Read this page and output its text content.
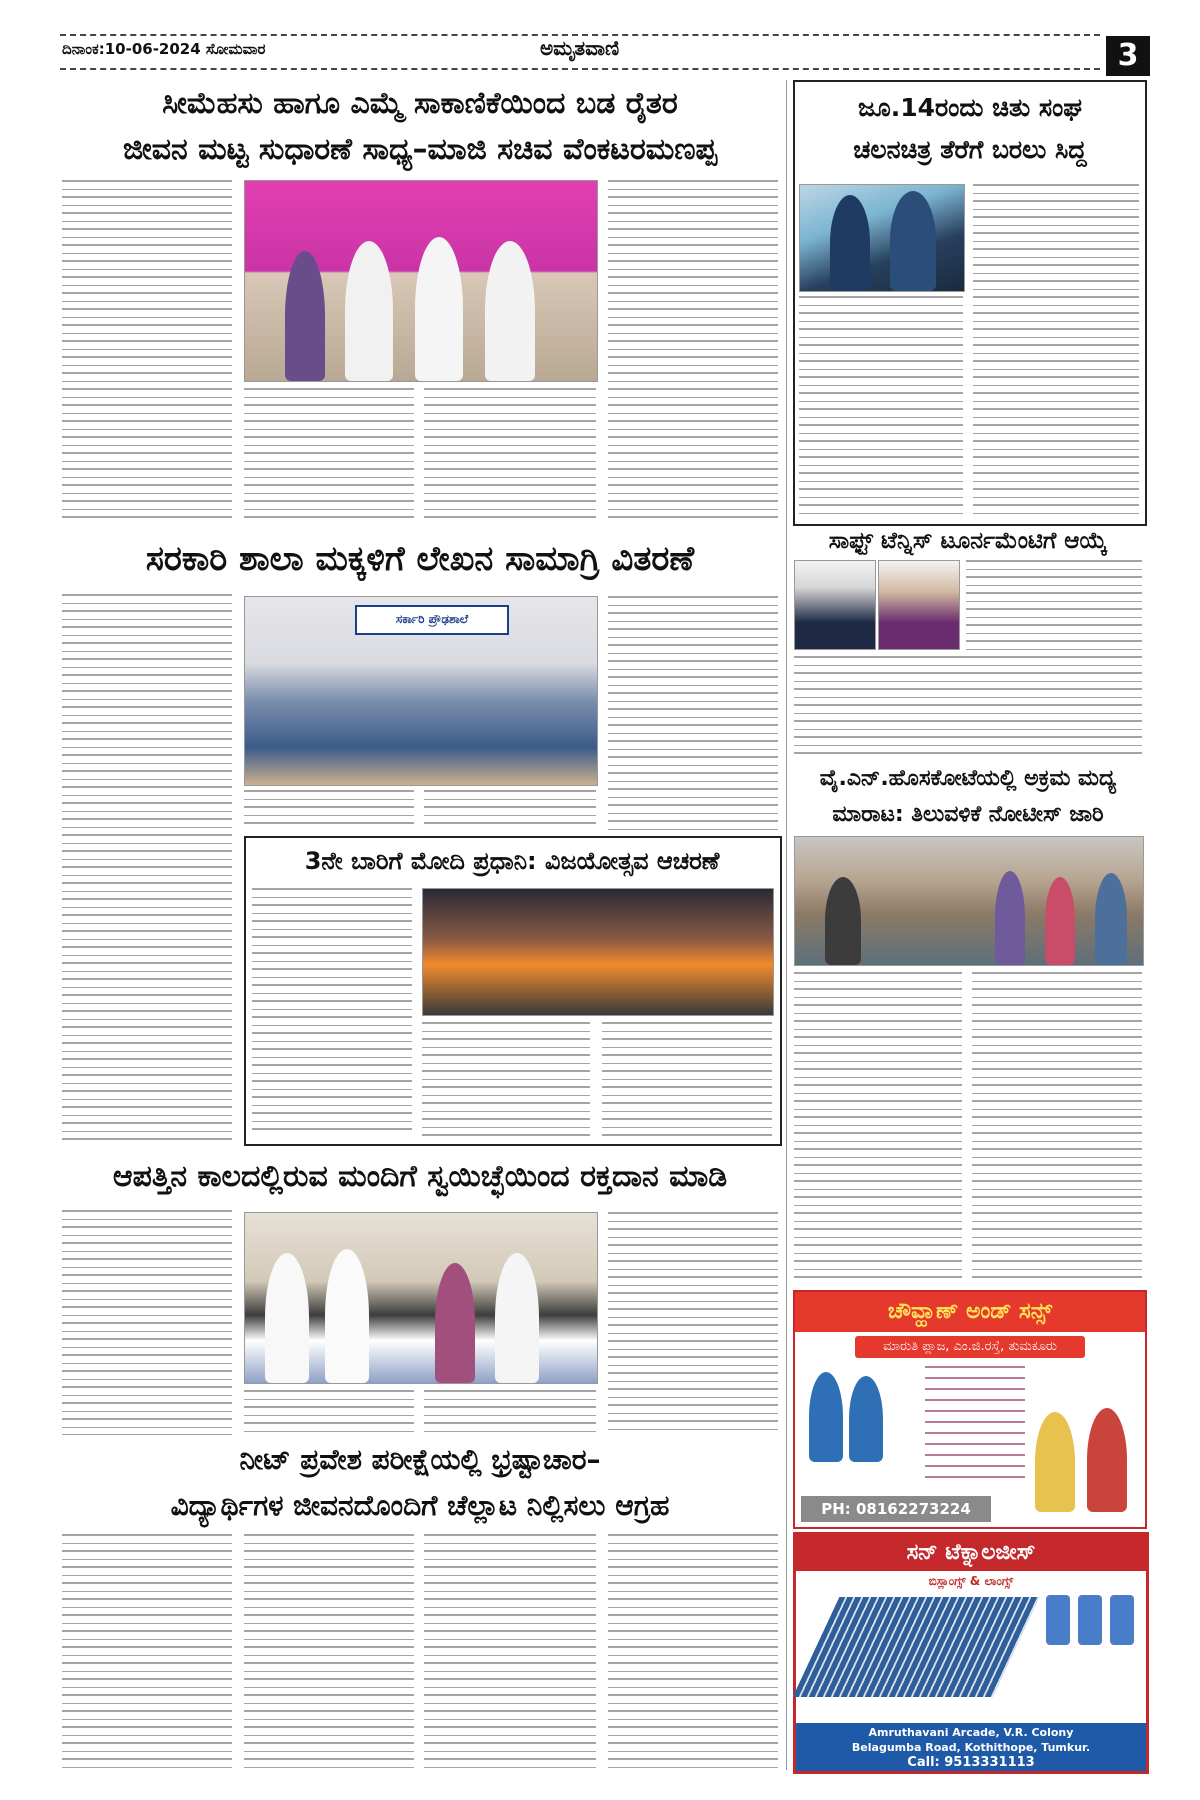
ದಿನಾಂಕ:10-06-2024 ಸೋಮವಾರ	ಅಮೃತವಾಣಿ	3
ಸೀಮೆಹಸು ಹಾಗೂ ಎಮ್ಮೆ ಸಾಕಾಣಿಕೆಯಿಂದ ಬಡ ರೈತರ
ಜೀವನ ಮಟ್ಟ ಸುಧಾರಣೆ ಸಾಧ್ಯ–ಮಾಜಿ ಸಚಿವ ವೆಂಕಟರಮಣಪ್ಪ
ಸರಕಾರಿ ಶಾಲಾ ಮಕ್ಕಳಿಗೆ ಲೇಖನ ಸಾಮಾಗ್ರಿ ವಿತರಣೆ
ಸರ್ಕಾರಿ ಪ್ರೌಢಶಾಲೆ
3ನೇ ಬಾರಿಗೆ ಮೋದಿ ಪ್ರಧಾನಿ: ವಿಜಯೋತ್ಸವ ಆಚರಣೆ
ಆಪತ್ತಿನ ಕಾಲದಲ್ಲಿರುವ ಮಂದಿಗೆ ಸ್ವಯಿಚ್ಛೆಯಿಂದ ರಕ್ತದಾನ ಮಾಡಿ
ನೀಟ್ ಪ್ರವೇಶ ಪರೀಕ್ಷೆಯಲ್ಲಿ ಭ್ರಷ್ಟಾಚಾರ–
ವಿದ್ಯಾರ್ಥಿಗಳ ಜೀವನದೊಂದಿಗೆ ಚೆಲ್ಲಾಟ ನಿಲ್ಲಿಸಲು ಆಗ್ರಹ
ಜೂ.14ರಂದು ಚಿತು ಸಂಘ
ಚಲನಚಿತ್ರ ತೆರೆಗೆ ಬರಲು ಸಿದ್ದ
ಸಾಫ್ಟ್ ಟೆನ್ನಿಸ್ ಟೂರ್ನಮೆಂಟಿಗೆ ಆಯ್ಕೆ
ವೈ.ಎನ್.ಹೊಸಕೋಟೆಯಲ್ಲಿ ಅಕ್ರಮ ಮದ್ಯ
ಮಾರಾಟ: ತಿಲುವಳಿಕೆ ನೋಟೀಸ್ ಜಾರಿ
ಚೌವ್ಹಾಣ್ ಅಂಡ್ ಸನ್ಸ್
ಮಾರುತಿ ಪ್ಲಾಜ, ಎಂ.ಜಿ.ರಸ್ತೆ, ತುಮಕೂರು
PH: 08162273224
ಸನ್ ಟೆಕ್ನಾಲಜೀಸ್
ಬಿಸ್ಲಾಂಗ್ಸ್ & ಲಾಂಗ್ಸ್
Amruthavani Arcade, V.R. Colony
Belagumba Road, Kothithope, Tumkur.
Call: 9513331113
